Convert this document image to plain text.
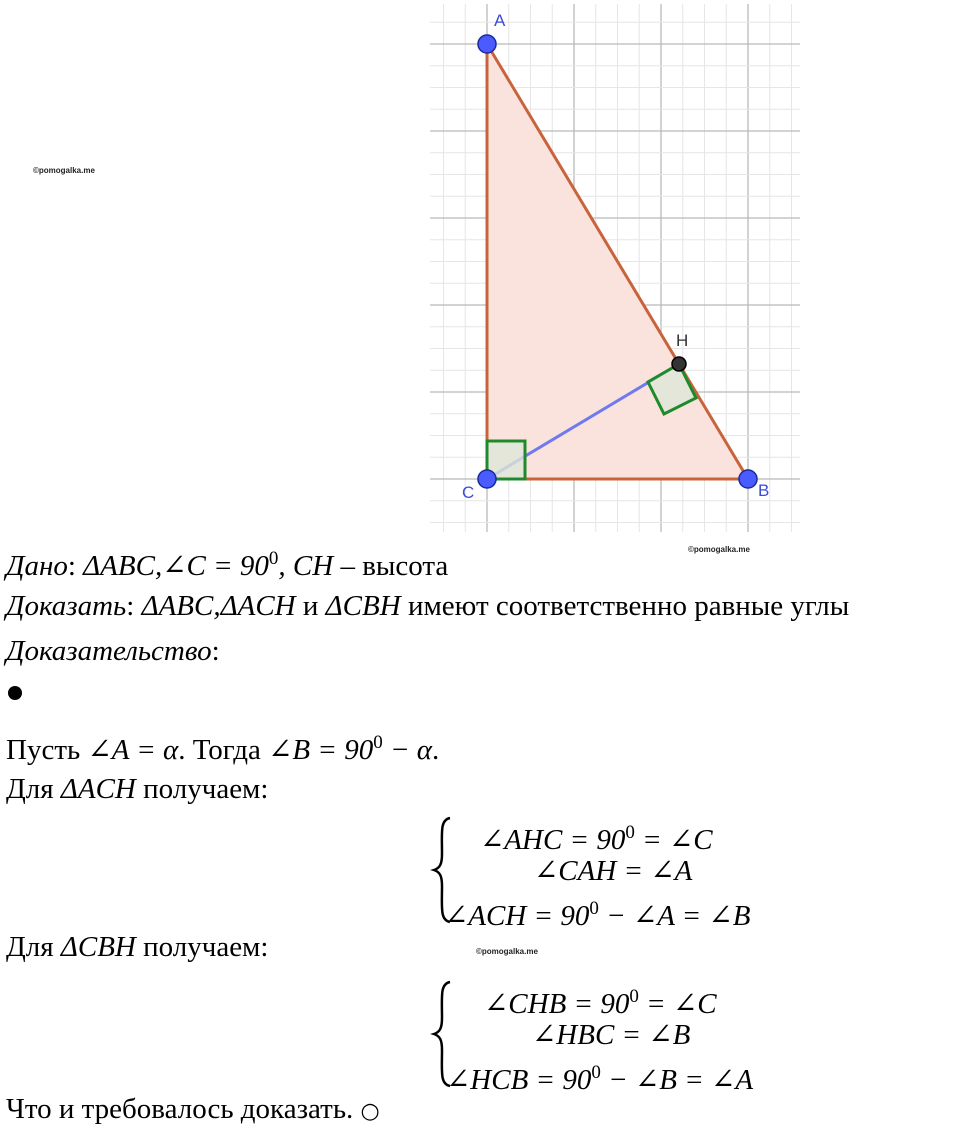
A
B
C
H
©pomogalka.me
©pomogalka.me
©pomogalka.me
Дано: ΔABC,∠C = $90^0$, CH – высота
Доказать: ΔABC,ΔACH и ΔCBH имеют соответственно равные углы
Доказательство:
Пусть ∠A = α. Тогда ∠B = $90^0 - \alpha$.
Для ΔACH получаем:
∠AHC = $90^0$ = ∠C
∠CAH = ∠A
∠ACH = $90^0$ − ∠A = ∠B
Для ΔCBH получаем:
∠CHB = $90^0$ = ∠C
∠HBC = ∠B
∠HCB = $90^0$ − ∠B = ∠A
Что и требовалось доказать. ○
